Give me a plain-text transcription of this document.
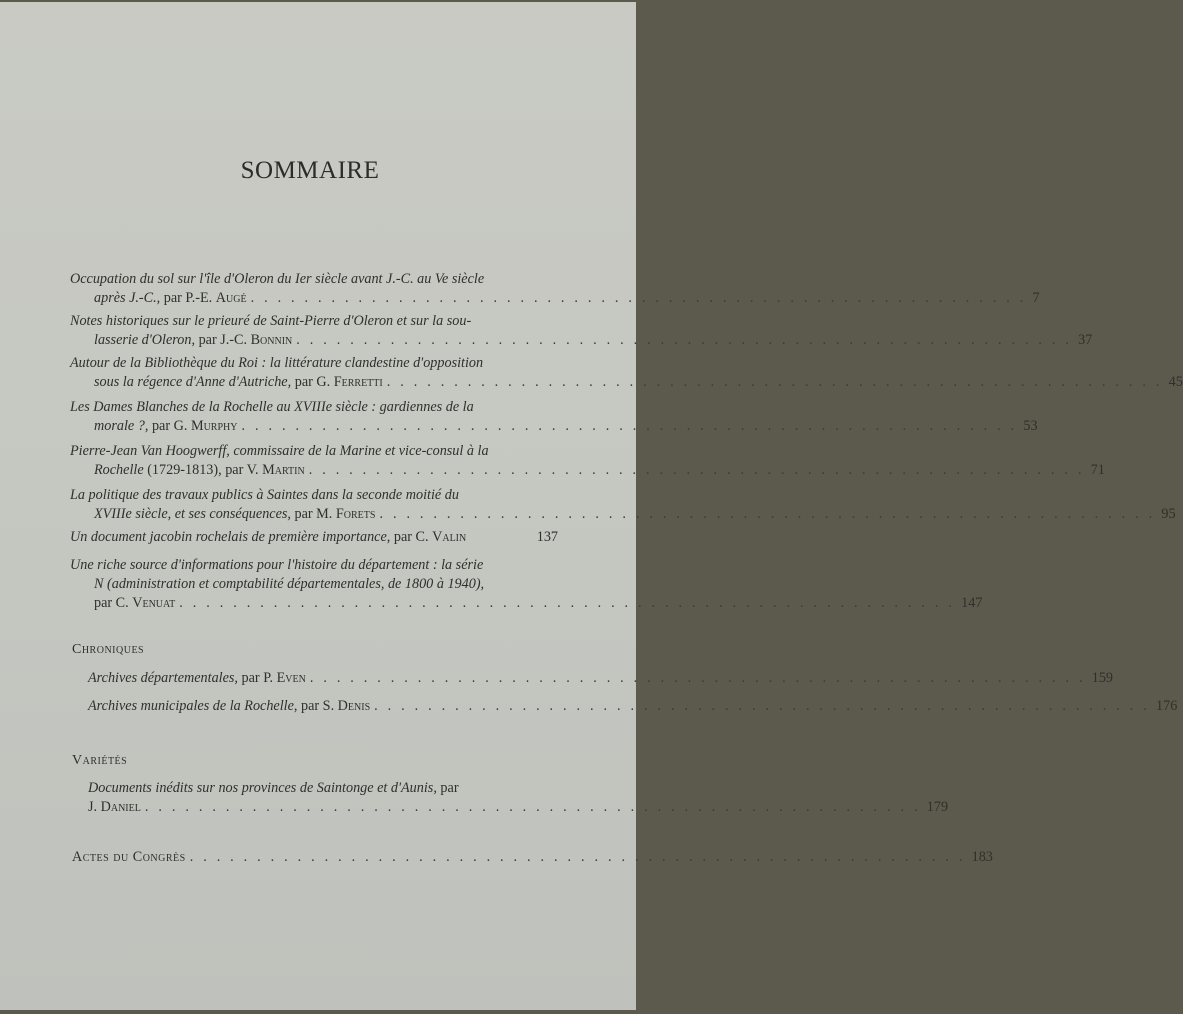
SOMMAIRE
Occupation du sol sur l'île d'Oleron du Ier siècle avant J.-C. au Ve siècle
après J.-C., par P.-E. Augé . . . . . . . . . . . . . . . . . . . . . . . . . . . . . . . . . . . . . . . . . . . . . . . . . . . . . . . . . . 7
Notes historiques sur le prieuré de Saint-Pierre d'Oleron et sur la sou-
lasserie d'Oleron, par J.-C. Bonnin . . . . . . . . . . . . . . . . . . . . . . . . . . . . . . . . . . . . . . . . . . . . . . . . . . . . . . . . . . 37
Autour de la Bibliothèque du Roi : la littérature clandestine d'opposition
sous la régence d'Anne d'Autriche, par G. Ferretti . . . . . . . . . . . . . . . . . . . . . . . . . . . . . . . . . . . . . . . . . . . . . . . . . . . . . . . . . . 45
Les Dames Blanches de la Rochelle au XVIIIe siècle : gardiennes de la
morale ?, par G. Murphy . . . . . . . . . . . . . . . . . . . . . . . . . . . . . . . . . . . . . . . . . . . . . . . . . . . . . . . . . . 53
Pierre-Jean Van Hoogwerff, commissaire de la Marine et vice-consul à la
Rochelle (1729-1813), par V. Martin . . . . . . . . . . . . . . . . . . . . . . . . . . . . . . . . . . . . . . . . . . . . . . . . . . . . . . . . . . 71
La politique des travaux publics à Saintes dans la seconde moitié du
XVIIIe siècle, et ses conséquences, par M. Forets . . . . . . . . . . . . . . . . . . . . . . . . . . . . . . . . . . . . . . . . . . . . . . . . . . . . . . . . . . 95
Un document jacobin rochelais de première importance, par C. Valin	137
Une riche source d'informations pour l'histoire du département : la série
N (administration et comptabilité départementales, de 1800 à 1940),
par C. Venuat . . . . . . . . . . . . . . . . . . . . . . . . . . . . . . . . . . . . . . . . . . . . . . . . . . . . . . . . . . 147
Chroniques
Archives départementales, par P. Even . . . . . . . . . . . . . . . . . . . . . . . . . . . . . . . . . . . . . . . . . . . . . . . . . . . . . . . . . . 159
Archives municipales de la Rochelle, par S. Denis . . . . . . . . . . . . . . . . . . . . . . . . . . . . . . . . . . . . . . . . . . . . . . . . . . . . . . . . . . 176
Variétés
Documents inédits sur nos provinces de Saintonge et d'Aunis, par
J. Daniel . . . . . . . . . . . . . . . . . . . . . . . . . . . . . . . . . . . . . . . . . . . . . . . . . . . . . . . . . . 179
Actes du Congrès . . . . . . . . . . . . . . . . . . . . . . . . . . . . . . . . . . . . . . . . . . . . . . . . . . . . . . . . . . 183
